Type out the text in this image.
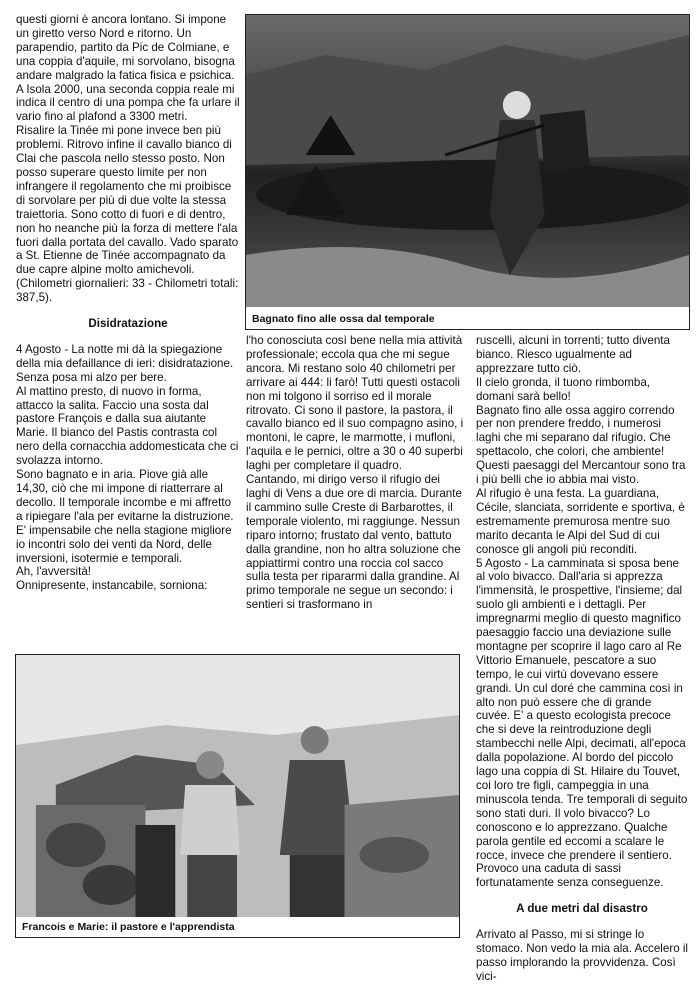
questi giorni è ancora lontano. Si impone un giretto verso Nord e ritorno. Un parapendio, partito da Pic de Colmiane, e una coppia d'aquile, mi sorvolano, bisogna andare malgrado la fatica fisica e psichica. A Isola 2000, una seconda coppia reale mi indica il centro di una pompa che fa urlare il vario fino al plafond a 3300 metri.

Risalire la Tinée mi pone invece ben più problemi. Ritrovo infine il cavallo bianco di Clai che pascola nello stesso posto. Non posso superare questo limite per non infrangere il regolamento che mi proibisce di sorvolare per più di due volte la stessa traiettoria. Sono cotto di fuori e di dentro, non ho neanche più la forza di mettere l'ala fuori dalla portata del cavallo. Vado sparato a St. Etienne de Tinée accompagnato da due capre alpine molto amichevoli.

(Chilometri giornalieri: 33 - Chilometri totali: 387,5).

Disidratazione

4 Agosto - La notte mi dà la spiegazione della mia defaillance di ieri: disidratazione. Senza posa mi alzo per bere.

Al mattino presto, di nuovo in forma, attacco la salita. Faccio una sosta dal pastore François e dalla sua aiutante Marie. Il bianco del Pastis contrasta col nero della cornacchia addomesticata che ci svolazza intorno.

Sono bagnato e in aria. Piove già alle 14,30, ciò che mi impone di riatterrare al decollo. Il temporale incombe e mi affretto a ripiegare l'ala per evitarne la distruzione.

E' impensabile che nella stagione migliore io incontri solo dei venti da Nord, delle inversioni, isotermie e temporali.

Ah, l'avversità!

Onnipresente, instancabile, sorniona:

Bagnato fino alle ossa dal temporale

l'ho conosciuta così bene nella mia attività professionale; eccola qua che mi segue ancora. Mi restano solo 40 chilometri per arrivare ai 444: li farò! Tutti questi ostacoli non mi tolgono il sorriso ed il morale ritrovato. Ci sono il pastore, la pastora, il cavallo bianco ed il suo compagno asino, i montoni, le capre, le marmotte, i mufloni, l'aquila e le pernici, oltre a 30 o 40 superbi laghi per completare il quadro.

Cantando, mi dirigo verso il rifugio dei laghi di Vens a due ore di marcia. Durante il cammino sulle Creste di Barbarottes, il temporale violento, mi raggiunge. Nessun riparo intorno; frustato dal vento, battuto dalla grandine, non ho altra soluzione che appiattirmi contro una roccia col sacco sulla testa per ripararmi dalla grandine. Al primo temporale ne segue un secondo: i sentieri si trasformano in

ruscelli, alcuni in torrenti; tutto diventa bianco. Riesco ugualmente ad apprezzare tutto ciò.

Il cielo gronda, il tuono rimbomba, domani sarà bello!

Bagnato fino alle ossa aggiro correndo per non prendere freddo, i numerosi laghi che mi separano dal rifugio. Che spettacolo, che colori, che ambiente! Questi paesaggi del Mercantour sono tra i più belli che io abbia mai visto.

Al rifugio è una festa. La guardiana, Cécile, slanciata, sorridente e sportiva, è estremamente premurosa mentre suo marito decanta le Alpi del Sud di cui conosce gli angoli più reconditi.

5 Agosto - La camminata si sposa bene al volo bivacco. Dall'aria si apprezza l'immensità, le prospettive, l'insieme; dal suolo gli ambienti e i dettagli. Per impregnarmi meglio di questo magnifico paesaggio faccio una deviazione sulle montagne per scoprire il lago caro al Re Vittorio Emanuele, pescatore a suo tempo, le cui virtù dovevano essere grandi. Un cul doré che cammina così in alto non può essere che di grande cuvée. E' a questo ecologista precoce che si deve la reintroduzione degli stambecchi nelle Alpi, decimati, all'epoca dalla popolazione. Al bordo del piccolo lago una coppia di St. Hilaire du Touvet, coi loro tre figli, campeggia in una minuscola tenda. Tre temporali di seguito sono stati duri. Il volo bivacco? Lo conoscono e lo apprezzano. Qualche parola gentile ed eccomi a scalare le rocce, invece che prendere il sentiero. Provoco una caduta di sassi fortunatamente senza conseguenze.

A due metri dal disastro

Arrivato al Passo, mi si stringe lo stomaco. Non vedo la mia ala. Accelero il passo implorando la provvidenza. Così vici-

Francois e Marie: il pastore e l'apprendista
